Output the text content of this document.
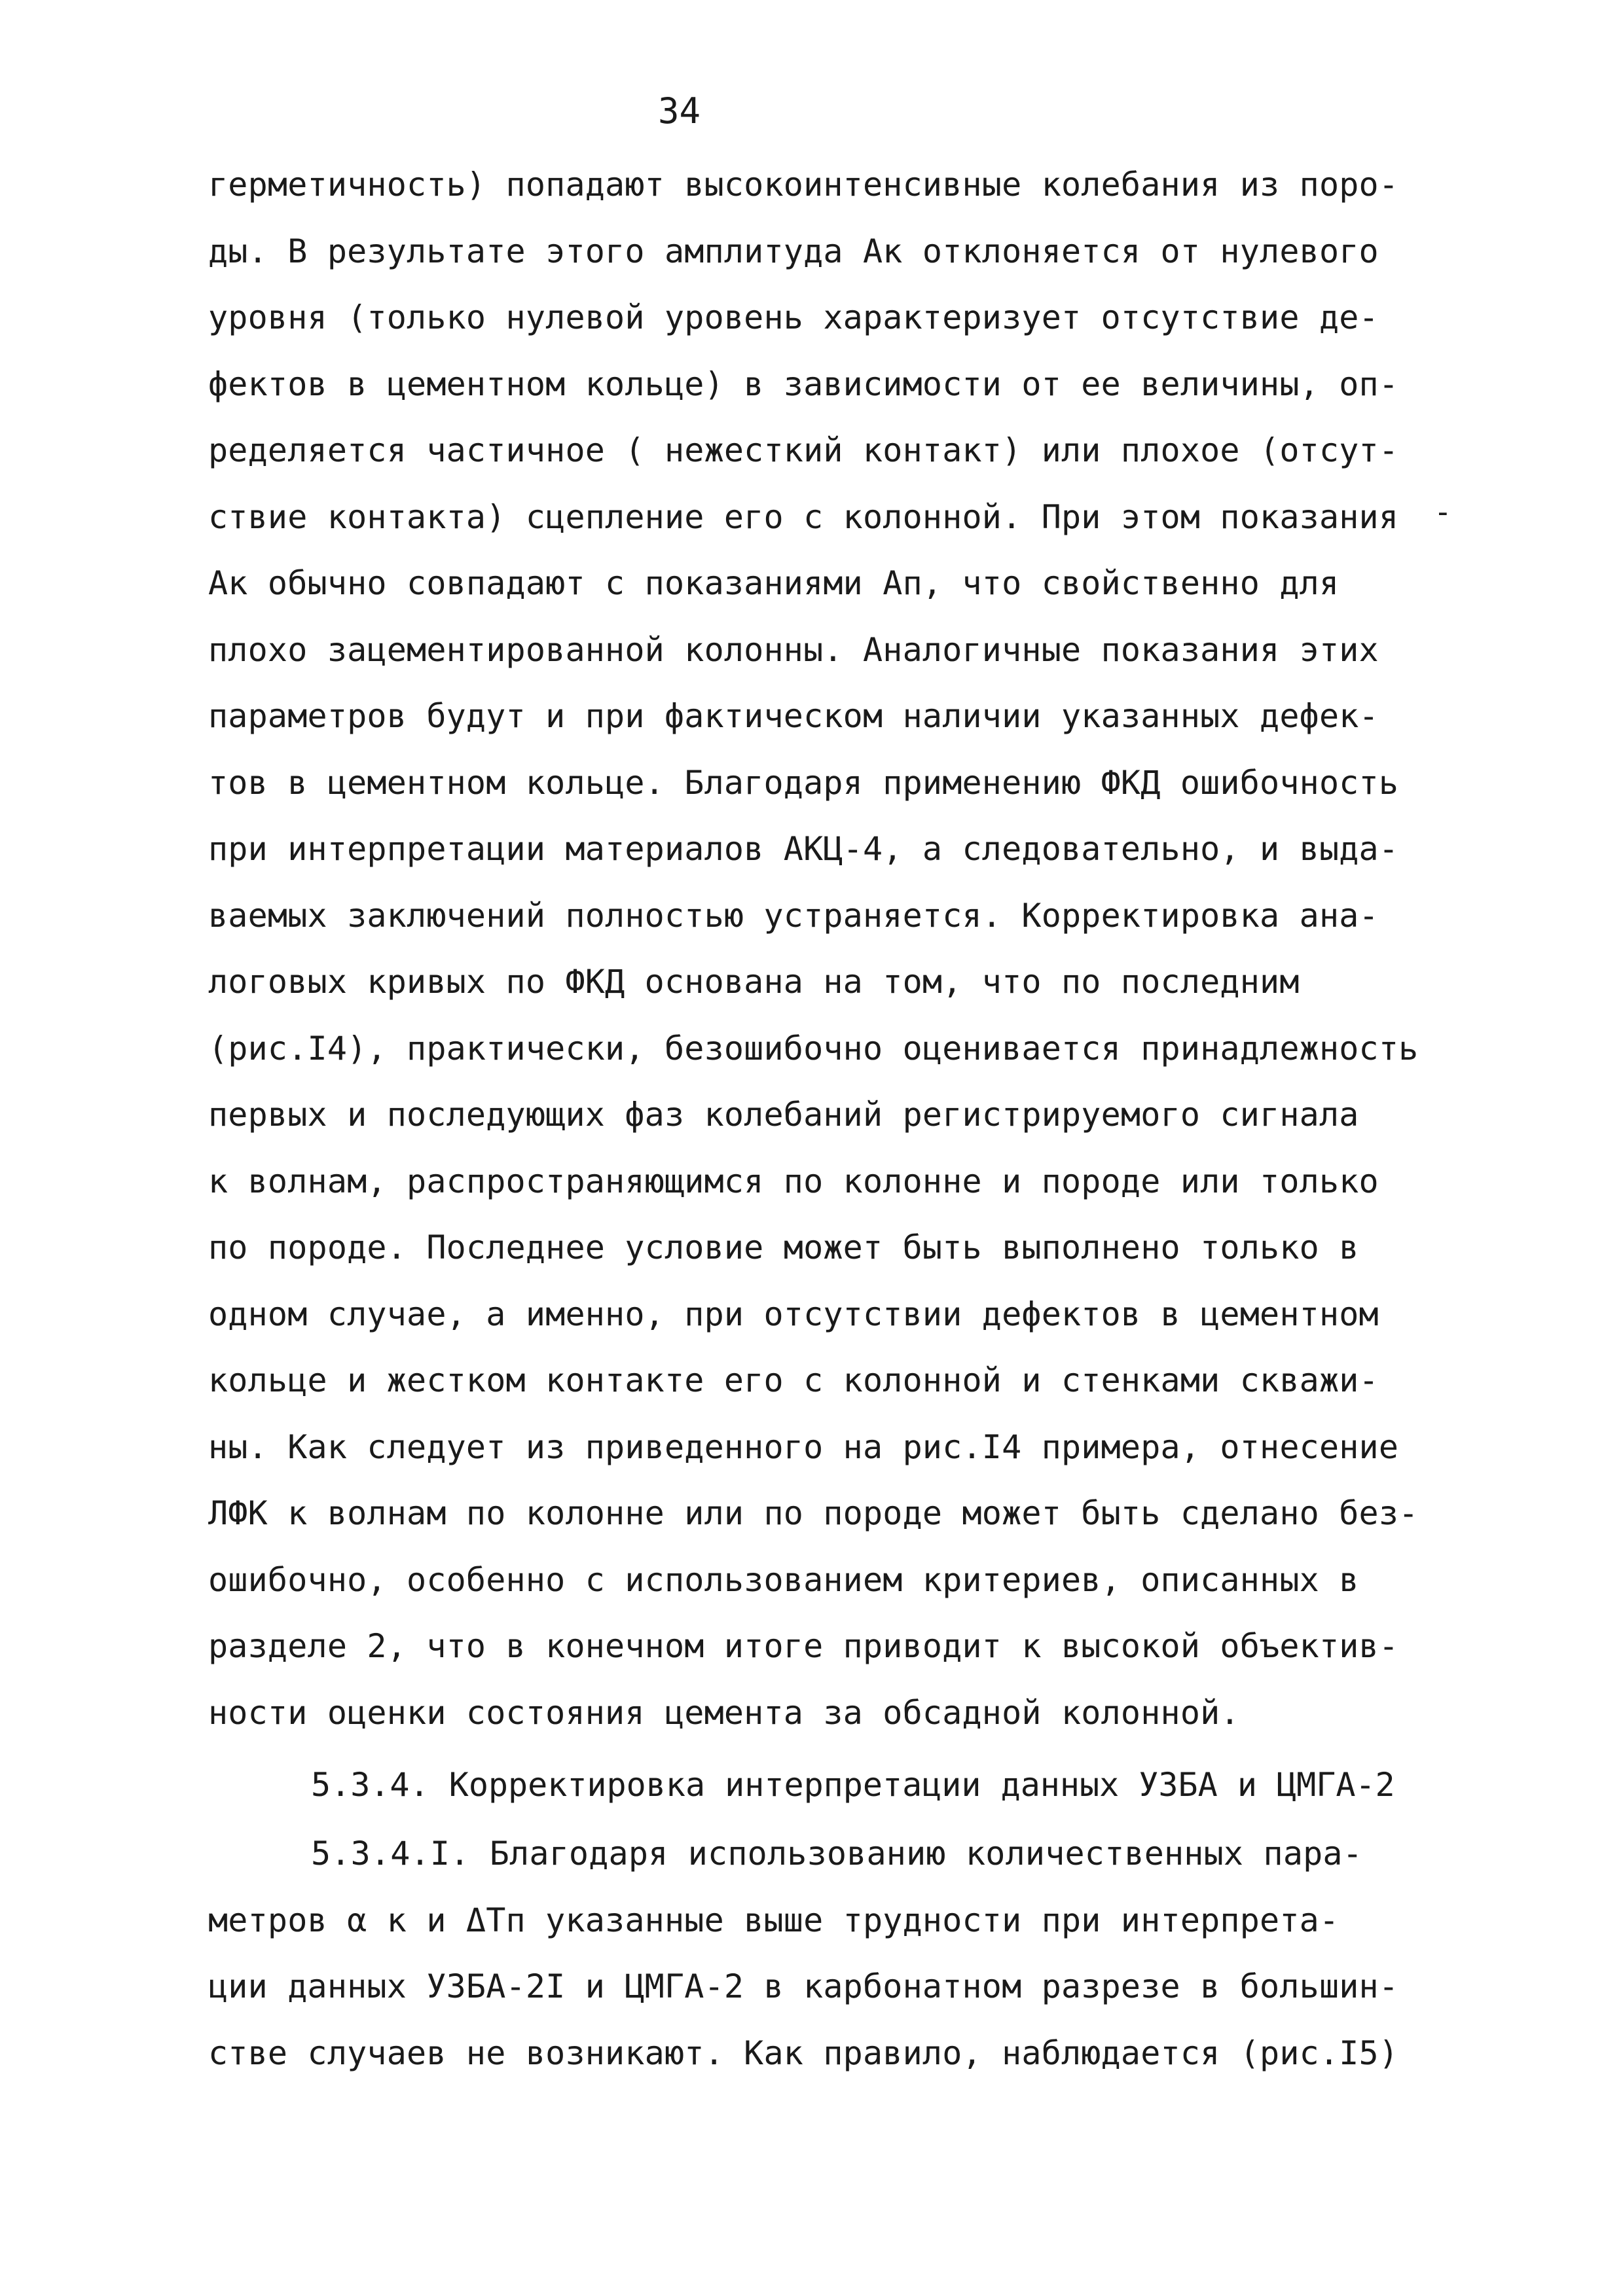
34
-
герметичность) попадают высокоинтенсивные колебания из поро-
ды. В результате этого амплитуда Ак отклоняется от нулевого
уровня (только нулевой уровень характеризует отсутствие де-
фектов в цементном кольце) в зависимости от ее величины, оп-
ределяется частичное ( нежесткий контакт) или плохое (отсут-
ствие контакта) сцепление его с колонной. При этом показания
Ак обычно совпадают с показаниями Ап, что свойственно для
плохо зацементированной колонны. Аналогичные показания этих
параметров будут и при фактическом наличии указанных дефек-
тов в цементном кольце. Благодаря применению ФКД ошибочность
при интерпретации материалов АКЦ-4, а следовательно, и выда-
ваемых заключений полностью устраняется. Корректировка ана-
логовых кривых по ФКД основана на том, что по последним
(рис.I4), практически, безошибочно оценивается принадлежность
первых и последующих фаз колебаний регистрируемого сигнала
к волнам, распространяющимся по колонне и породе или только
по породе. Последнее условие может быть выполнено только в
одном случае, а именно, при отсутствии дефектов в цементном
кольце и жестком контакте его с колонной и стенками скважи-
ны. Как следует из приведенного на рис.I4 примера, отнесение
ЛФК к волнам по колонне или по породе может быть сделано без-
ошибочно, особенно с использованием критериев, описанных в
разделе 2, что в конечном итоге приводит к высокой объектив-
ности оценки состояния цемента за обсадной колонной.
5.3.4. Корректировка интерпретации данных УЗБА и ЦМГА-2
5.3.4.I. Благодаря использованию количественных пара-
метров α к и ΔТп указанные выше трудности при интерпрета-
ции данных УЗБА-2I и ЦМГА-2 в карбонатном разрезе в большин-
стве случаев не возникают. Как правило, наблюдается (рис.I5)
